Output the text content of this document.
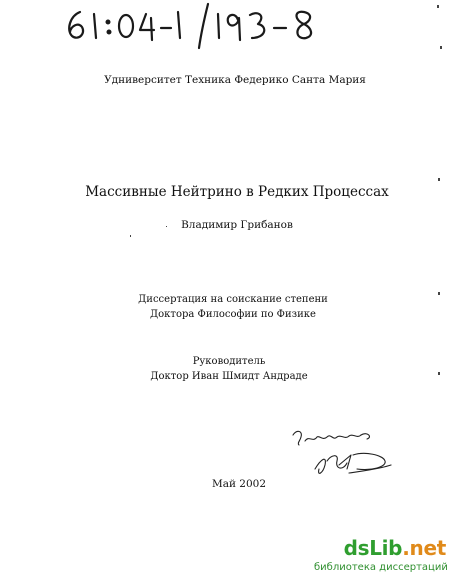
Удниверситет Техника Федерико Санта Мария
Массивные Нейтрино в Редких Процессах
Владимир Грибанов
Диссертация на соискание степени
Доктора Философии по Физике
Руководитель
Доктор Иван Шмидт Андраде
Май 2002
dsLib.net
библиотека диссертаций
